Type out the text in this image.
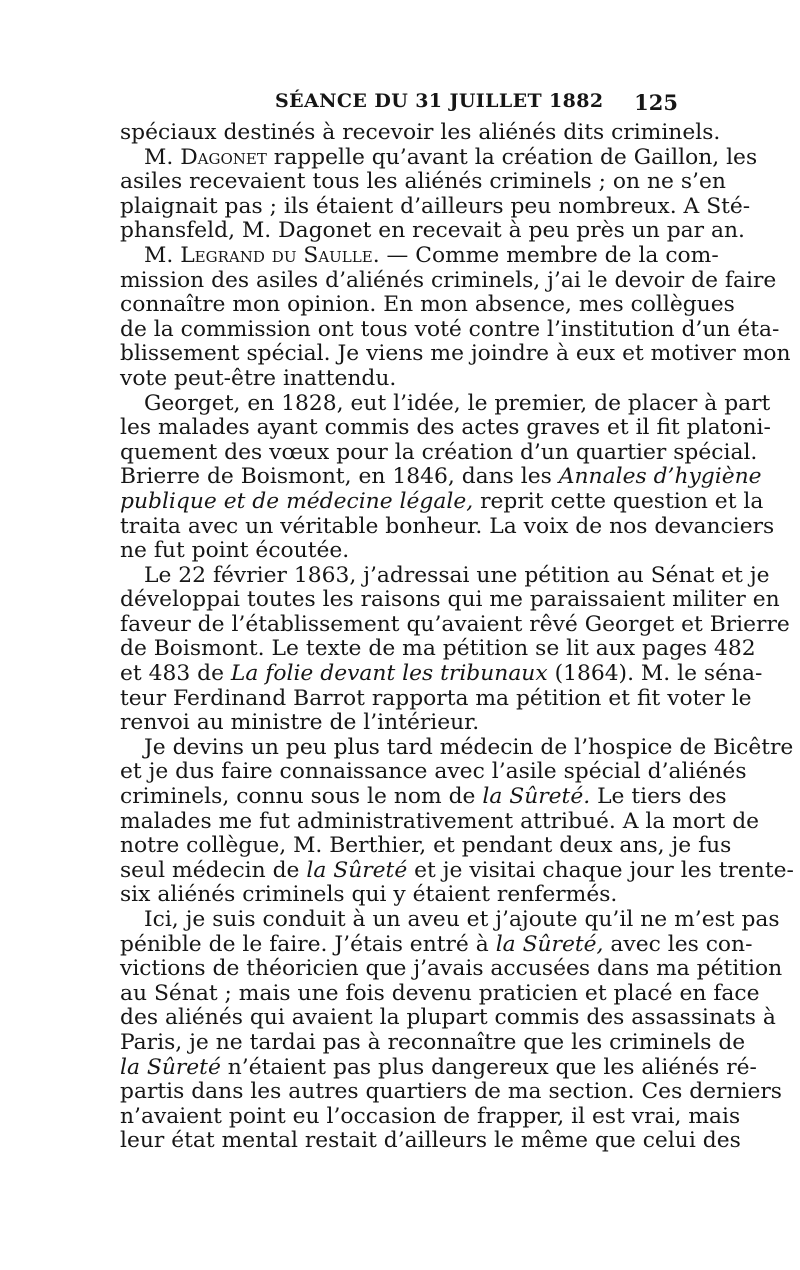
SÉANCE DU 31 JUILLET 1882 125
spéciaux destinés à recevoir les aliénés dits criminels.
M. Dagonet rappelle qu’avant la création de Gaillon, les
asiles recevaient tous les aliénés criminels ; on ne s’en
plaignait pas ; ils étaient d’ailleurs peu nombreux. A Sté-
phansfeld, M. Dagonet en recevait à peu près un par an.
M. Legrand du Saulle. — Comme membre de la com-
mission des asiles d’aliénés criminels, j’ai le devoir de faire
connaître mon opinion. En mon absence, mes collègues
de la commission ont tous voté contre l’institution d’un éta-
blissement spécial. Je viens me joindre à eux et motiver mon
vote peut-être inattendu.
Georget, en 1828, eut l’idée, le premier, de placer à part
les malades ayant commis des actes graves et il fit platoni-
quement des vœux pour la création d’un quartier spécial.
Brierre de Boismont, en 1846, dans les Annales d’hygiène
publique et de médecine légale, reprit cette question et la
traita avec un véritable bonheur. La voix de nos devanciers
ne fut point écoutée.
Le 22 février 1863, j’adressai une pétition au Sénat et je
développai toutes les raisons qui me paraissaient militer en
faveur de l’établissement qu’avaient rêvé Georget et Brierre
de Boismont. Le texte de ma pétition se lit aux pages 482
et 483 de La folie devant les tribunaux (1864). M. le séna-
teur Ferdinand Barrot rapporta ma pétition et fit voter le
renvoi au ministre de l’intérieur.
Je devins un peu plus tard médecin de l’hospice de Bicêtre
et je dus faire connaissance avec l’asile spécial d’aliénés
criminels, connu sous le nom de la Sûreté. Le tiers des
malades me fut administrativement attribué. A la mort de
notre collègue, M. Berthier, et pendant deux ans, je fus
seul médecin de la Sûreté et je visitai chaque jour les trente-
six aliénés criminels qui y étaient renfermés.
Ici, je suis conduit à un aveu et j’ajoute qu’il ne m’est pas
pénible de le faire. J’étais entré à la Sûreté, avec les con-
victions de théoricien que j’avais accusées dans ma pétition
au Sénat ; mais une fois devenu praticien et placé en face
des aliénés qui avaient la plupart commis des assassinats à
Paris, je ne tardai pas à reconnaître que les criminels de
la Sûreté n’étaient pas plus dangereux que les aliénés ré-
partis dans les autres quartiers de ma section. Ces derniers
n’avaient point eu l’occasion de frapper, il est vrai, mais
leur état mental restait d’ailleurs le même que celui des
